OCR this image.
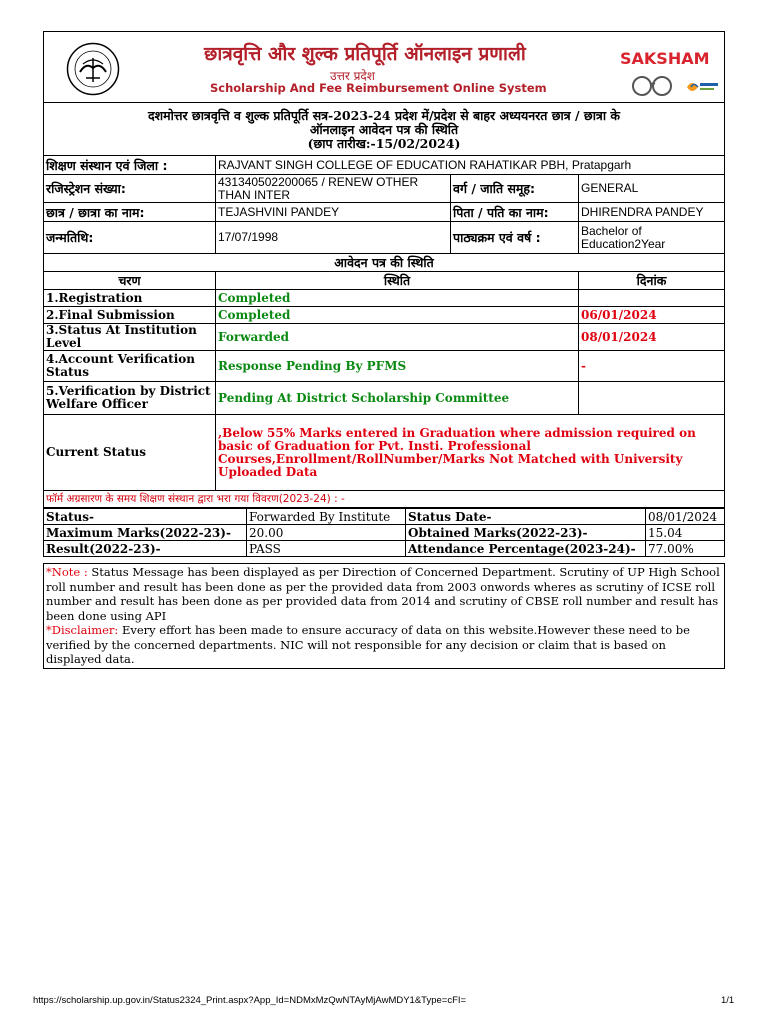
छात्रवृत्ति और शुल्क प्रतिपूर्ति ऑनलाइन प्रणाली
उत्तर प्रदेश
Scholarship And Fee Reimbursement Online System
SAKSHAM
दशमोत्तर छात्रवृत्ति व शुल्क प्रतिपूर्ति सत्र-2023-24 प्रदेश में/प्रदेश से बाहर अध्ययनरत छात्र / छात्रा के
ऑनलाइन आवेदन पत्र की स्थिति
(छाप तारीख:-15/02/2024)
शिक्षण संस्थान एवं जिला :	RAJVANT SINGH COLLEGE OF EDUCATION RAHATIKAR PBH, Pratapgarh		
रजिस्ट्रेशन संख्या:	431340502200065 / RENEW OTHER THAN INTER	वर्ग / जाति समूह:	GENERAL
छात्र / छात्रा का नाम:	TEJASHVINI PANDEY	पिता / पति का नाम:	DHIRENDRA PANDEY
जन्मतिथि:	17/07/1998	पाठ्यक्रम एवं वर्ष :	Bachelor of Education2Year
आवेदन पत्र की स्थिति			
चरण	स्थिति		दिनांक
1.Registration	Completed		
2.Final Submission	Completed		06/01/2024
3.Status At Institution Level	Forwarded		08/01/2024
4.Account Verification Status	Response Pending By PFMS		-
5.Verification by District Welfare Officer	Pending At District Scholarship Committee		
Current Status	,Below 55% Marks entered in Graduation where admission required on basic of Graduation for Pvt. Insti. Professional Courses,Enrollment/RollNumber/Marks Not Matched with University Uploaded Data		
फॉर्म अग्रसारण के समय शिक्षण संस्थान द्वारा भरा गया विवरण(2023-24) : -
Status-	Forwarded By Institute	Status Date-	08/01/2024
Maximum Marks(2022-23)-	20.00	Obtained Marks(2022-23)-	15.04
Result(2022-23)-	PASS	Attendance Percentage(2023-24)-	77.00%
*Note : Status Message has been displayed as per Direction of Concerned Department. Scrutiny of UP High School roll number and result has been done as per the provided data from 2003 onwords wheres as scrutiny of ICSE roll number and result has been done as per provided data from 2014 and scrutiny of CBSE roll number and result has been done using API
*Disclaimer: Every effort has been made to ensure accuracy of data on this website.However these need to be verified by the concerned departments. NIC will not responsible for any decision or claim that is based on displayed data.
https://scholarship.up.gov.in/Status2324_Print.aspx?App_Id=NDMxMzQwNTAyMjAwMDY1&Type=cFI=	1/1
